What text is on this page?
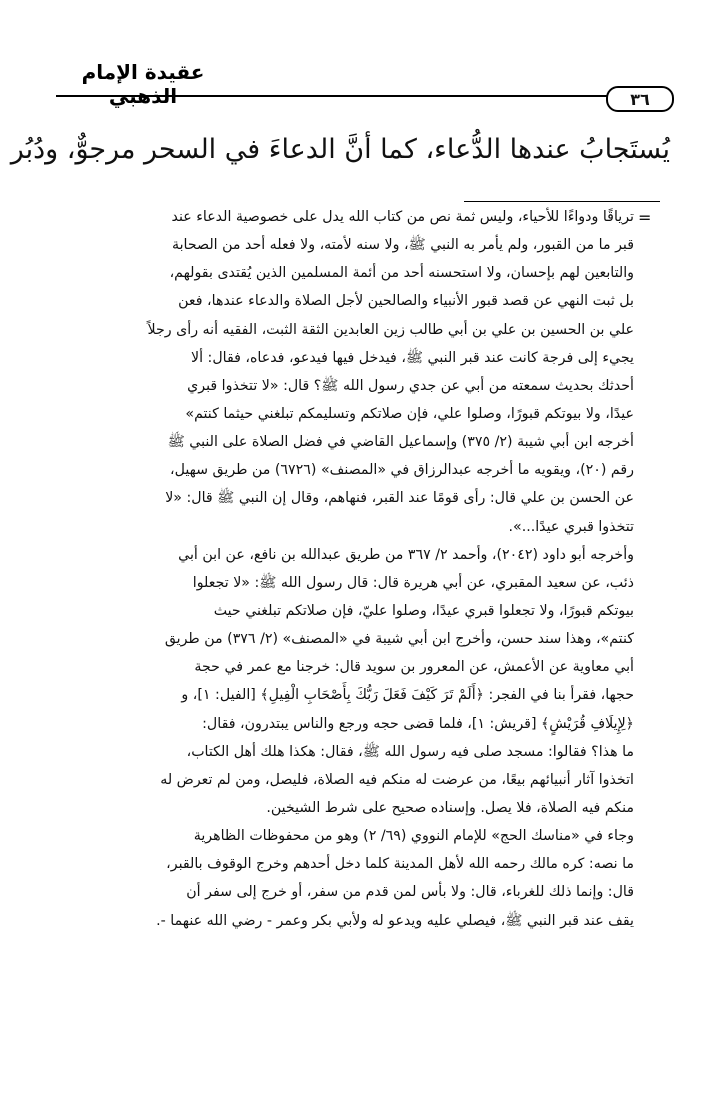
عقيدة الإمام الذهبي	٣٦
يُستَجابُ عندها الدُّعاء، كما أنَّ الدعاءَ في السحر مرجوٌّ، ودُبُر
=
ترياقًا ودواءًا للأحياء، وليس ثمة نص من كتاب الله يدل على خصوصية الدعاء عند
قبر ما من القبور، ولم يأمر به النبي ﷺ، ولا سنه لأمته، ولا فعله أحد من الصحابة
والتابعين لهم بإحسان، ولا استحسنه أحد من أئمة المسلمين الذين يُقتدى بقولهم،
بل ثبت النهي عن قصد قبور الأنبياء والصالحين لأجل الصلاة والدعاء عندها، فعن
علي بن الحسين بن علي بن أبي طالب زين العابدين الثقة الثبت، الفقيه أنه رأى رجلاً
يجيء إلى فرجة كانت عند قبر النبي ﷺ، فيدخل فيها فيدعو، فدعاه، فقال: ألا
أحدثك بحديث سمعته من أبي عن جدي رسول الله ﷺ؟ قال: «لا تتخذوا قبري
عيدًا، ولا بيوتكم قبورًا، وصلوا علي، فإن صلاتكم وتسليمكم تبلغني حيثما كنتم»
أخرجه ابن أبي شيبة (٢/ ٣٧٥) وإسماعيل القاضي في فضل الصلاة على النبي ﷺ
رقم (٢٠)، ويقويه ما أخرجه عبدالرزاق في «المصنف» (٦٧٢٦) من طريق سهيل،
عن الحسن بن علي قال: رأى قومًا عند القبر، فنهاهم، وقال إن النبي ﷺ قال: «لا
تتخذوا قبري عيدًا...».
وأخرجه أبو داود (٢٠٤٢)، وأحمد ٢/ ٣٦٧ من طريق عبدالله بن نافع، عن ابن أبي
ذئب، عن سعيد المقبري، عن أبي هريرة قال: قال رسول الله ﷺ: «لا تجعلوا
بيوتكم قبورًا، ولا تجعلوا قبري عيدًا، وصلوا عليّ، فإن صلاتكم تبلغني حيث
كنتم»، وهذا سند حسن، وأخرج ابن أبي شيبة في «المصنف» (٢/ ٣٧٦) من طريق
أبي معاوية عن الأعمش، عن المعرور بن سويد قال: خرجنا مع عمر في حجة
حجها، فقرأ بنا في الفجر: ﴿أَلَمْ تَرَ كَيْفَ فَعَلَ رَبُّكَ بِأَصْحَابِ الْفِيلِ﴾ [الفيل: ١]، و
﴿لِإِيلَافِ قُرَيْشٍ﴾ [قريش: ١]، فلما قضى حجه ورجع والناس يبتدرون، فقال:
ما هذا؟ فقالوا: مسجد صلى فيه رسول الله ﷺ، فقال: هكذا هلك أهل الكتاب،
اتخذوا آثار أنبيائهم بيعًا، من عرضت له منكم فيه الصلاة، فليصل، ومن لم تعرض له
منكم فيه الصلاة، فلا يصل. وإسناده صحيح على شرط الشيخين.
وجاء في «مناسك الحج» للإمام النووي (٦٩/ ٢) وهو من محفوظات الظاهرية
ما نصه: كره مالك رحمه الله لأهل المدينة كلما دخل أحدهم وخرج الوقوف بالقبر،
قال: وإنما ذلك للغرباء، قال: ولا بأس لمن قدم من سفر، أو خرج إلى سفر أن
يقف عند قبر النبي ﷺ، فيصلي عليه ويدعو له ولأبي بكر وعمر - رضي الله عنهما -.
